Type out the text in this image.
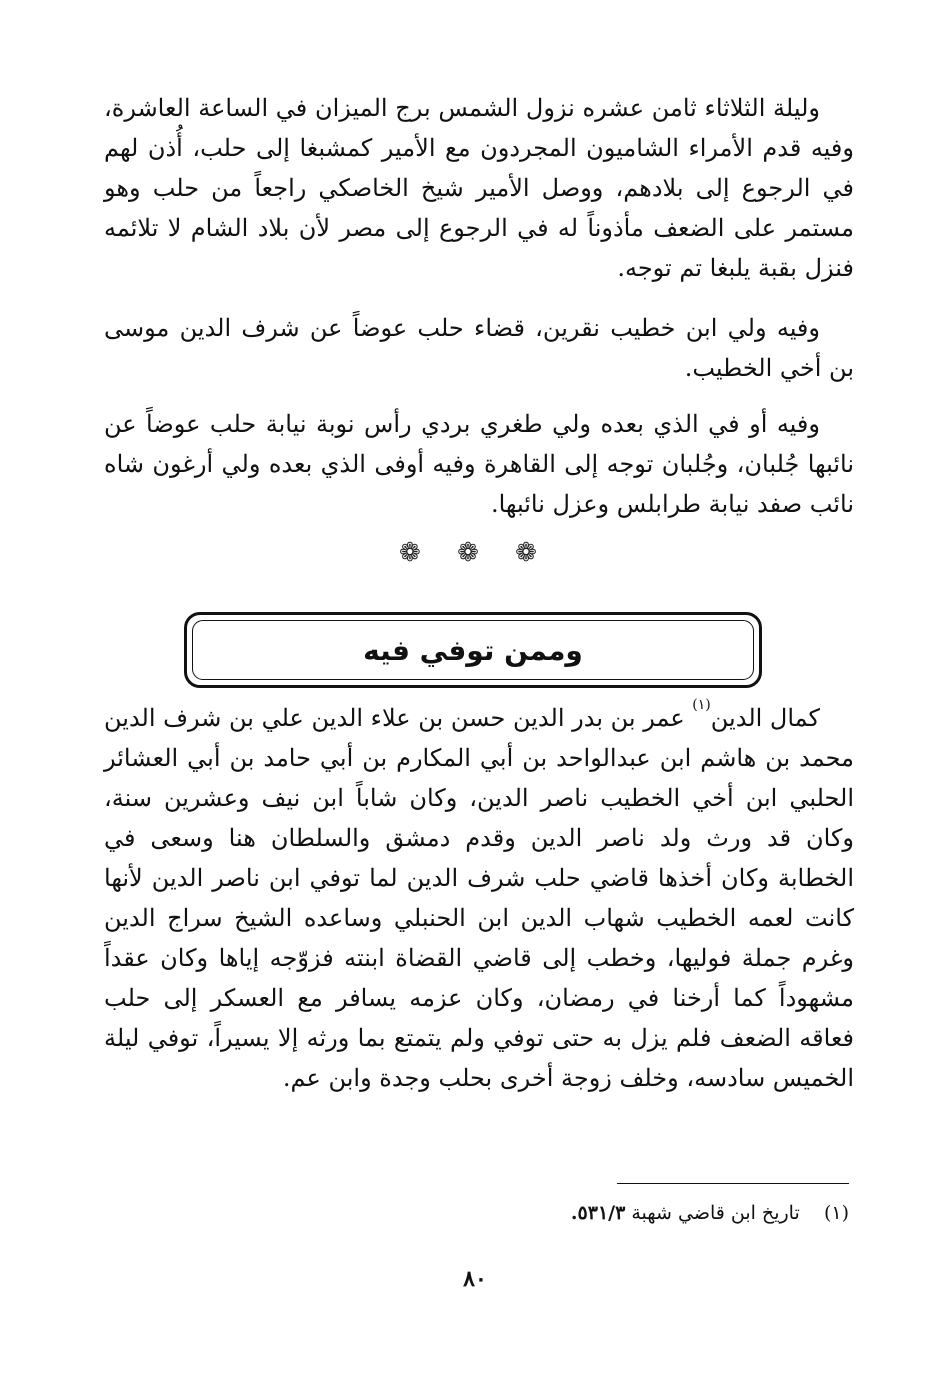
وليلة الثلاثاء ثامن عشره نزول الشمس برج الميزان في الساعة العاشرة، وفيه قدم الأمراء الشاميون المجردون مع الأمير كمشبغا إلى حلب، أُذن لهم في الرجوع إلى بلادهم، ووصل الأمير شيخ الخاصكي راجعاً من حلب وهو مستمر على الضعف مأذوناً له في الرجوع إلى مصر لأن بلاد الشام لا تلائمه فنزل بقبة يلبغا تم توجه.

وفيه ولي ابن خطيب نقرين، قضاء حلب عوضاً عن شرف الدين موسى بن أخي الخطيب.

وفيه أو في الذي بعده ولي طغري بردي رأس نوبة نيابة حلب عوضاً عن نائبها جُلبان، وجُلبان توجه إلى القاهرة وفيه أوفى الذي بعده ولي أرغون شاه نائب صفد نيابة طرابلس وعزل نائبها.

❁ ❁ ❁
وممن توفي فيه

كمال الدين$^{(١)}$ عمر بن بدر الدين حسن بن علاء الدين علي بن شرف الدين محمد بن هاشم ابن عبدالواحد بن أبي المكارم بن أبي حامد بن أبي العشائر الحلبي ابن أخي الخطيب ناصر الدين، وكان شاباً ابن نيف وعشرين سنة، وكان قد ورث ولد ناصر الدين وقدم دمشق والسلطان هنا وسعى في الخطابة وكان أخذها قاضي حلب شرف الدين لما توفي ابن ناصر الدين لأنها كانت لعمه الخطيب شهاب الدين ابن الحنبلي وساعده الشيخ سراج الدين وغرم جملة فوليها، وخطب إلى قاضي القضاة ابنته فزوّجه إياها وكان عقداً مشهوداً كما أرخنا في رمضان، وكان عزمه يسافر مع العسكر إلى حلب فعاقه الضعف فلم يزل به حتى توفي ولم يتمتع بما ورثه إلا يسيراً، توفي ليلة الخميس سادسه، وخلف زوجة أخرى بحلب وجدة وابن عم.

(١)    تاريخ ابن قاضي شهبة ٥٣١/٣.
٨٠
